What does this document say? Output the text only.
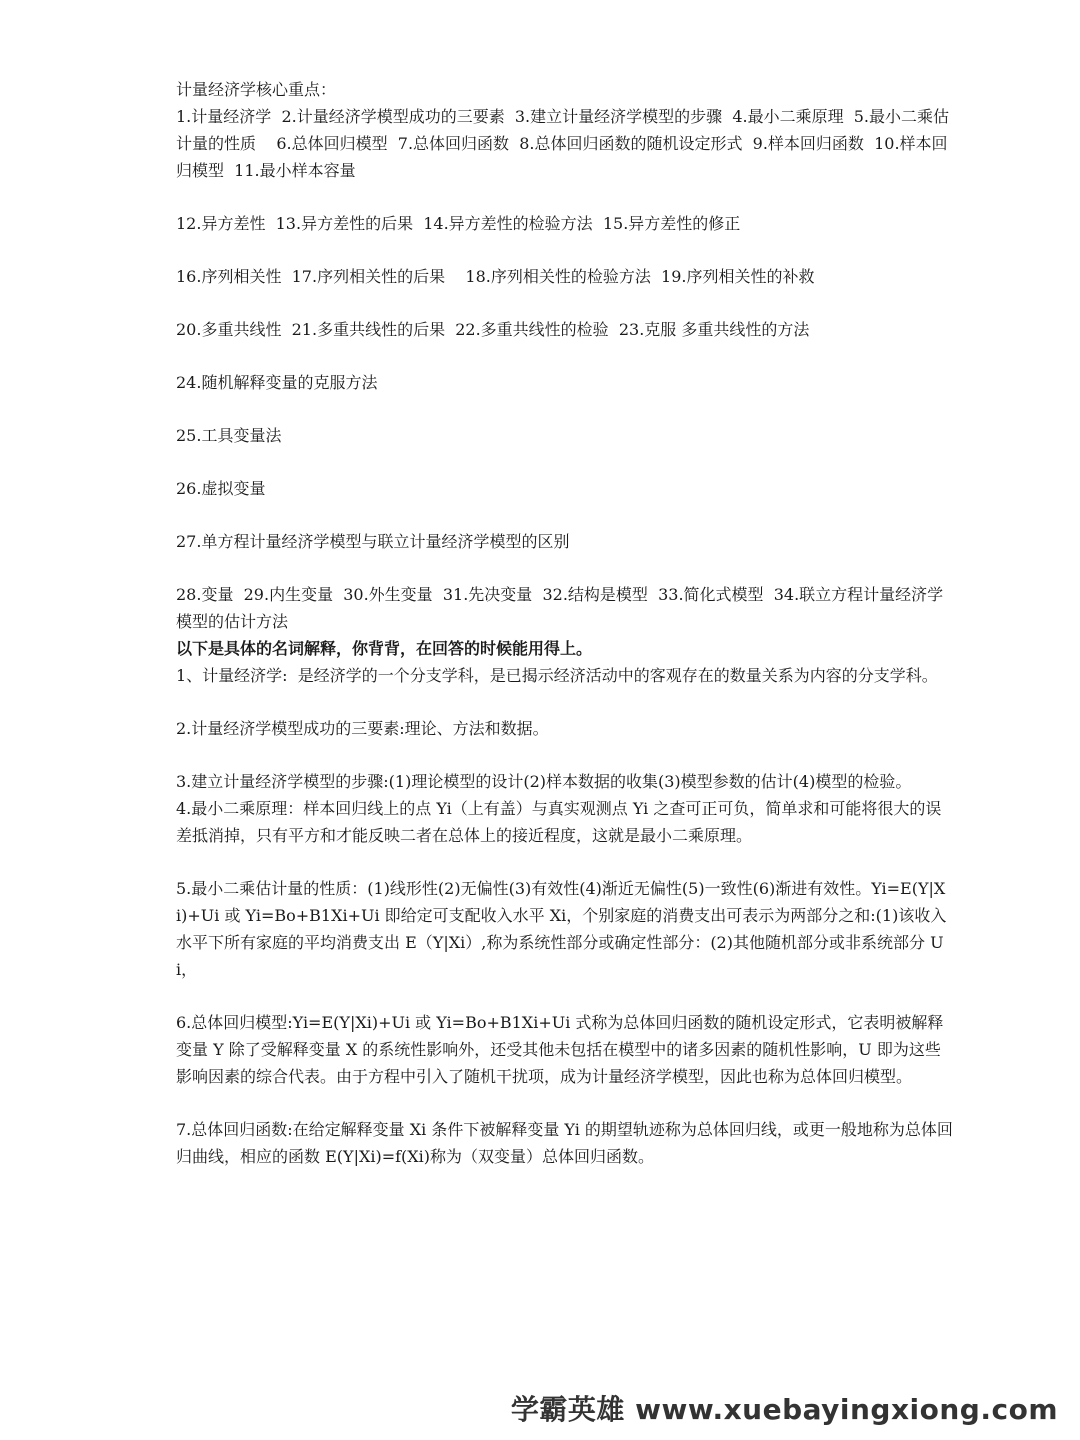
计量经济学核心重点：

1.计量经济学  2.计量经济学模型成功的三要素  3.建立计量经济学模型的步骤  4.最小二乘原理  5.最小二乘估计量的性质    6.总体回归模型  7.总体回归函数  8.总体回归函数的随机设定形式  9.样本回归函数  10.样本回归模型  11.最小样本容量

12.异方差性  13.异方差性的后果  14.异方差性的检验方法  15.异方差性的修正

16.序列相关性  17.序列相关性的后果    18.序列相关性的检验方法  19.序列相关性的补救

20.多重共线性  21.多重共线性的后果  22.多重共线性的检验  23.克服 多重共线性的方法

24.随机解释变量的克服方法

25.工具变量法

26.虚拟变量

27.单方程计量经济学模型与联立计量经济学模型的区别

28.变量  29.内生变量  30.外生变量  31.先决变量  32.结构是模型  33.简化式模型  34.联立方程计量经济学 模型的估计方法

以下是具体的名词解释，你背背，在回答的时候能用得上。

1、计量经济学:  是经济学的一个分支学科，是已揭示经济活动中的客观存在的数量关系为内容的分支学科。

2.计量经济学模型成功的三要素:理论、方法和数据。

3.建立计量经济学模型的步骤:(1)理论模型的设计(2)样本数据的收集(3)模型参数的估计(4)模型的检验。

4.最小二乘原理：样本回归线上的点 Yi（上有盖）与真实观测点 Yi 之查可正可负，简单求和可能将很大的误差抵消掉，只有平方和才能反映二者在总体上的接近程度，这就是最小二乘原理。

5.最小二乘估计量的性质：(1)线形性(2)无偏性(3)有效性(4)渐近无偏性(5)一致性(6)渐进有效性。Yi=E(Y|Xi)+Ui 或 Yi=Bo+B1Xi+Ui 即给定可支配收入水平 Xi，个别家庭的消费支出可表示为两部分之和:(1)该收入水平下所有家庭的平均消费支出 E（Y|Xi）,称为系统性部分或确定性部分：(2)其他随机部分或非系统部分 Ui，

6.总体回归模型:Yi=E(Y|Xi)+Ui 或 Yi=Bo+B1Xi+Ui 式称为总体回归函数的随机设定形式，它表明被解释变量 Y 除了受解释变量 X 的系统性影响外，还受其他未包括在模型中的诸多因素的随机性影响，U 即为这些影响因素的综合代表。由于方程中引入了随机干扰项，成为计量经济学模型，因此也称为总体回归模型。

7.总体回归函数:在给定解释变量 Xi 条件下被解释变量 Yi 的期望轨迹称为总体回归线，或更一般地称为总体回归曲线，相应的函数 E(Y|Xi)=f(Xi)称为（双变量）总体回归函数。

学霸英雄 www.xuebayingxiong.com
